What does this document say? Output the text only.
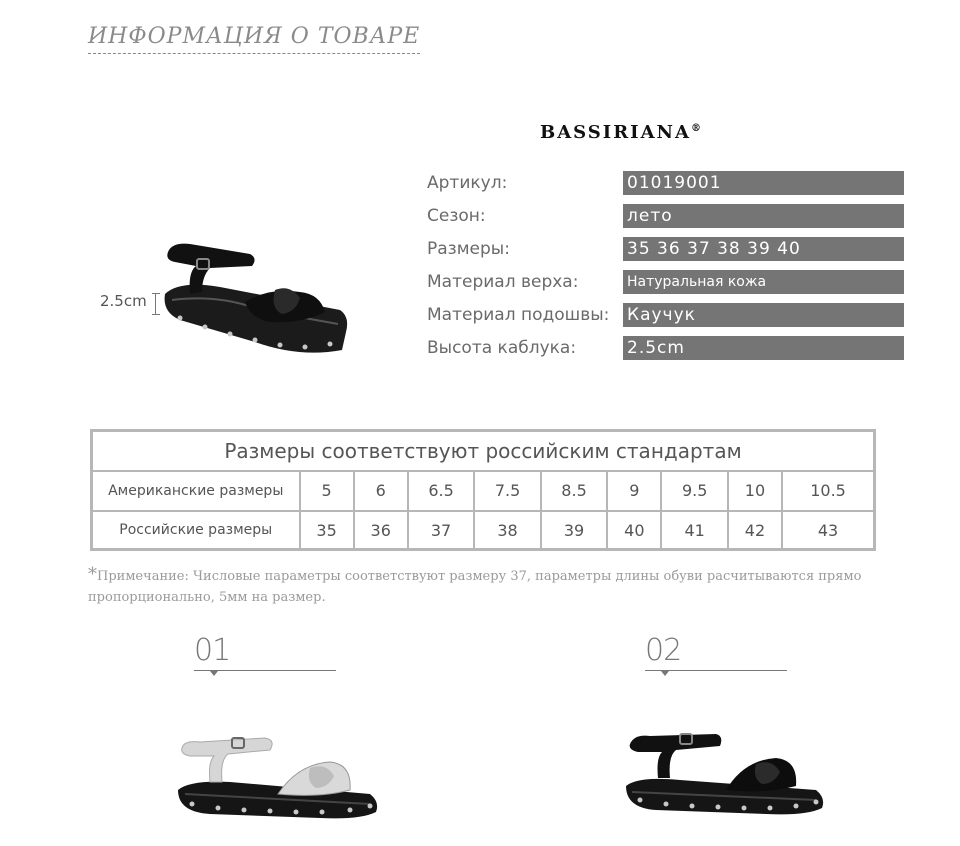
ИНФОРМАЦИЯ О ТОВАРЕ
BASSIRIANA®
Артикул:	01019001
Сезон:	лето
Размеры:	35 36 37 38 39 40
Материал верха:	Натуральная кожа
Материал подошвы: Каучук
Высота каблука:	2.5cm
2.5cm
Размеры соответствуют российским стандартам									
Американские размеры	5	6	6.5	7.5	8.5	9	9.5	10	10.5
Российские размеры	35	36	37	38	39	40	41	42	43
*Примечание: Числовые параметры соответствуют размеру 37, параметры длины обуви расчитываются прямо пропорционально, 5мм на размер.
01	02
